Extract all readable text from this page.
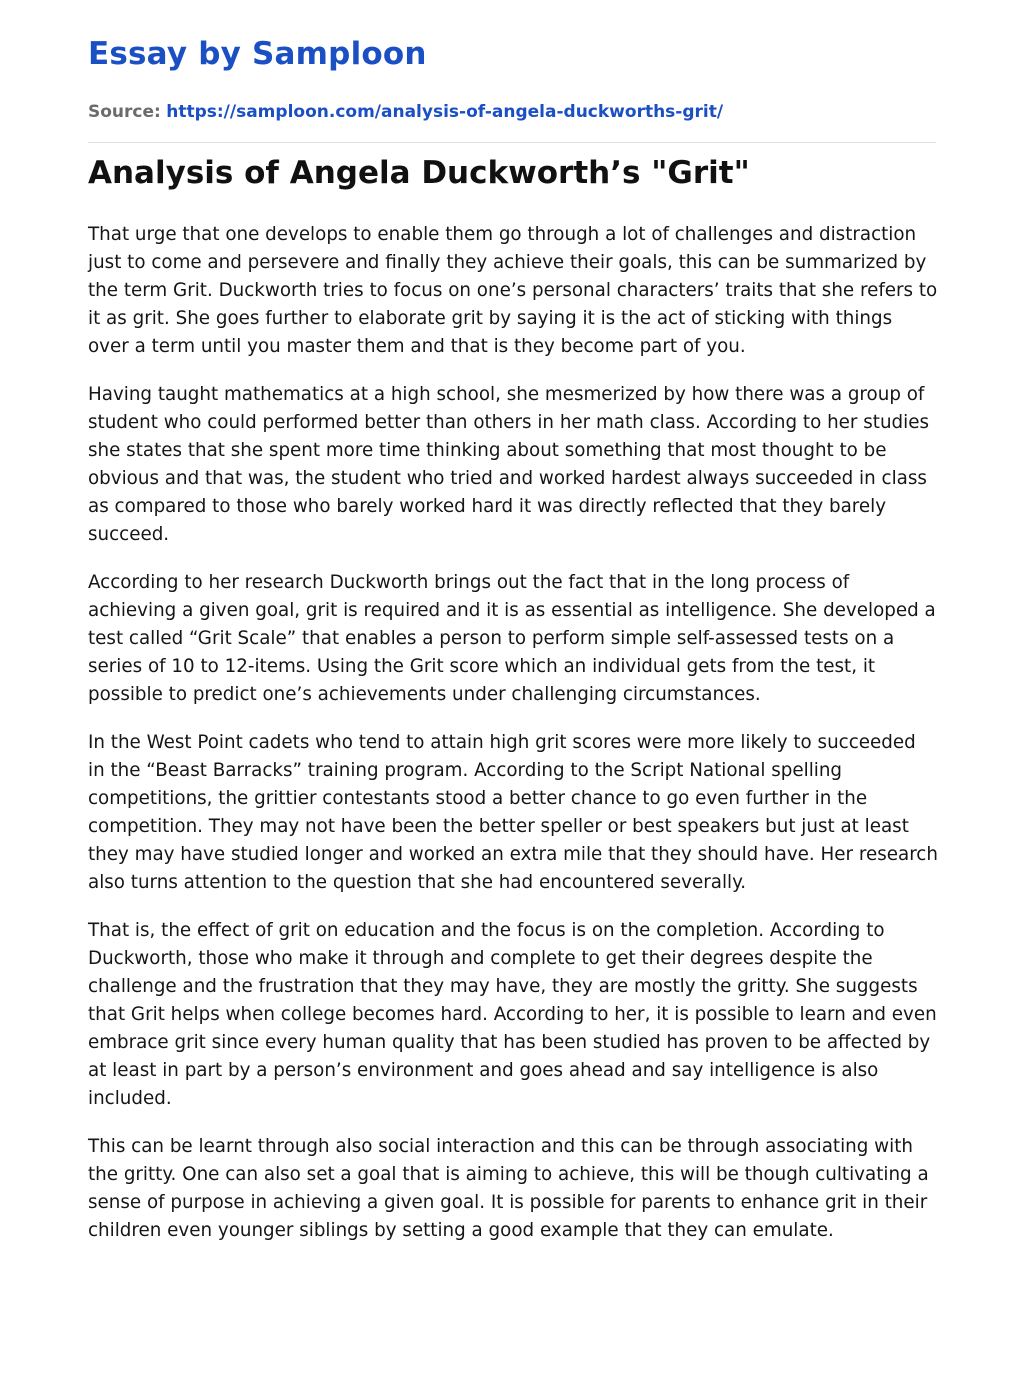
Essay by Samploon
Source: https://samploon.com/analysis-of-angela-duckworths-grit/
Analysis of Angela Duckworth’s "Grit"

That urge that one develops to enable them go through a lot of challenges and distraction just to come and persevere and finally they achieve their goals, this can be summarized by the term Grit. Duckworth tries to focus on one’s personal characters’ traits that she refers to it as grit. She goes further to elaborate grit by saying it is the act of sticking with things over a term until you master them and that is they become part of you.

Having taught mathematics at a high school, she mesmerized by how there was a group of student who could performed better than others in her math class. According to her studies she states that she spent more time thinking about something that most thought to be obvious and that was, the student who tried and worked hardest always succeeded in class as compared to those who barely worked hard it was directly reflected that they barely succeed.

According to her research Duckworth brings out the fact that in the long process of achieving a given goal, grit is required and it is as essential as intelligence. She developed a test called “Grit Scale” that enables a person to perform simple self-assessed tests on a series of 10 to 12-items. Using the Grit score which an individual gets from the test, it possible to predict one’s achievements under challenging circumstances.

In the West Point cadets who tend to attain high grit scores were more likely to succeeded in the “Beast Barracks” training program. According to the Script National spelling competitions, the grittier contestants stood a better chance to go even further in the competition. They may not have been the better speller or best speakers but just at least they may have studied longer and worked an extra mile that they should have. Her research also turns attention to the question that she had encountered severally.

That is, the effect of grit on education and the focus is on the completion. According to Duckworth, those who make it through and complete to get their degrees despite the challenge and the frustration that they may have, they are mostly the gritty. She suggests that Grit helps when college becomes hard. According to her, it is possible to learn and even embrace grit since every human quality that has been studied has proven to be affected by at least in part by a person’s environment and goes ahead and say intelligence is also included.

This can be learnt through also social interaction and this can be through associating with the gritty. One can also set a goal that is aiming to achieve, this will be though cultivating a sense of purpose in achieving a given goal. It is possible for parents to enhance grit in their children even younger siblings by setting a good example that they can emulate.
